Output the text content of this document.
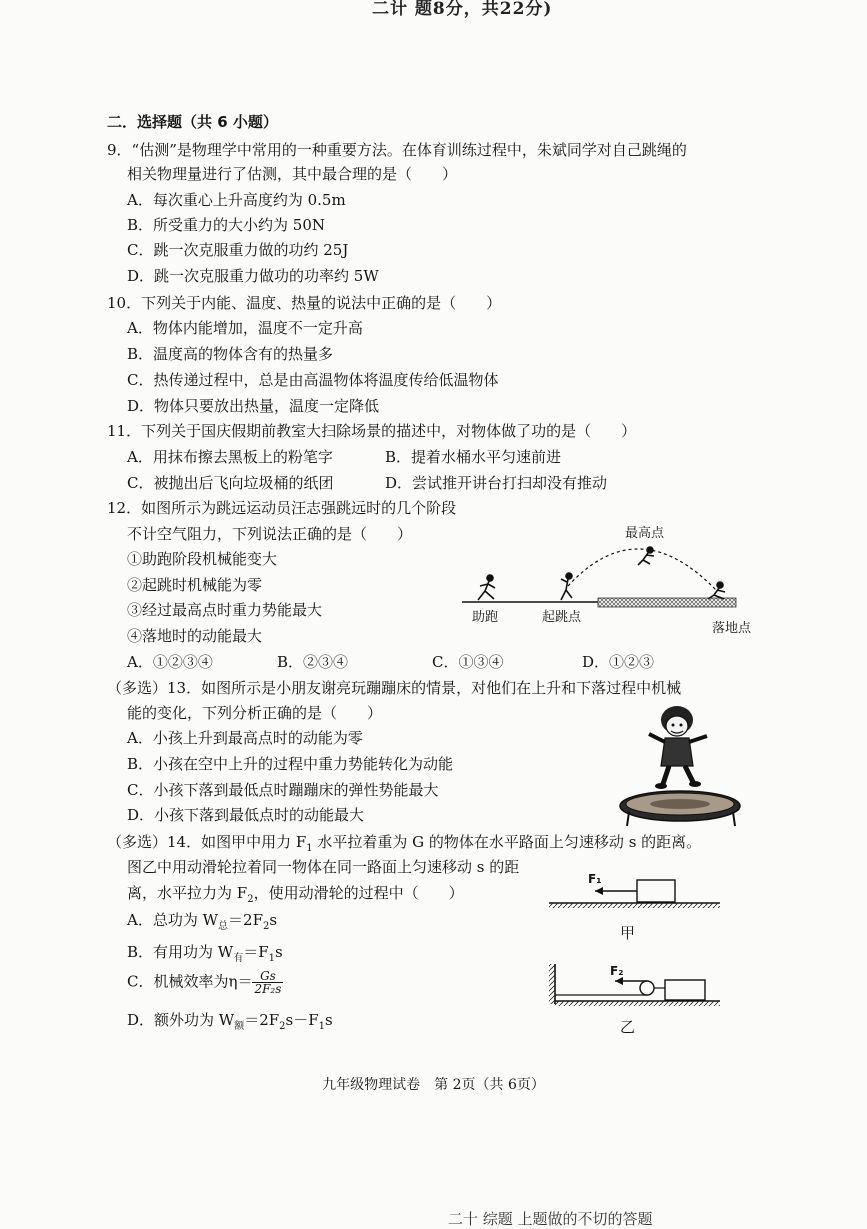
二计 题8分，共22分)
二．选择题（共 6 小题）
9．“估测”是物理学中常用的一种重要方法。在体育训练过程中，朱斌同学对自己跳绳的
相关物理量进行了估测，其中最合理的是（　　）
A．每次重心上升高度约为 0.5m
B．所受重力的大小约为 50N
C．跳一次克服重力做的功约 25J
D．跳一次克服重力做功的功率约 5W
10．下列关于内能、温度、热量的说法中正确的是（　　）
A．物体内能增加，温度不一定升高
B．温度高的物体含有的热量多
C．热传递过程中，总是由高温物体将温度传给低温物体
D．物体只要放出热量，温度一定降低
11．下列关于国庆假期前教室大扫除场景的描述中，对物体做了功的是（　　）
A．用抹布擦去黑板上的粉笔字	B．提着水桶水平匀速前进
C．被抛出后飞向垃圾桶的纸团	D．尝试推开讲台打扫却没有推动
12．如图所示为跳远运动员汪志强跳远时的几个阶段
不计空气阻力，下列说法正确的是（　　）
①助跑阶段机械能变大
②起跳时机械能为零
③经过最高点时重力势能最大
④落地时的动能最大
A．①②③④	B．②③④	C．①③④	D．①②③
最高点
助跑	起跳点
落地点
（多选）13．如图所示是小朋友谢亮玩蹦蹦床的情景，对他们在上升和下落过程中机械
能的变化，下列分析正确的是（　　）
A．小孩上升到最高点时的动能为零
B．小孩在空中上升的过程中重力势能转化为动能
C．小孩下落到最低点时蹦蹦床的弹性势能最大
D．小孩下落到最低点时的动能最大
（多选）14．如图甲中用力 $F_1$ 水平拉着重为 G 的物体在水平路面上匀速移动 s 的距离。
图乙中用动滑轮拉着同一物体在同一路面上匀速移动 s 的距
离，水平拉力为 $F_2$，使用动滑轮的过程中（　　）
A．总功为 $W_总=2F_2s$
B．有用功为 $W_有=F_1s$
C．机械效率为$\eta= \frac{Gs}{\text{2F₂s}}$
D．额外功为 $W_额=2F_2s-F_1s$
F₁
甲
F₂
乙
九年级物理试卷　第 2页（共 6页）
二十 综题 上题做的不切的答题
